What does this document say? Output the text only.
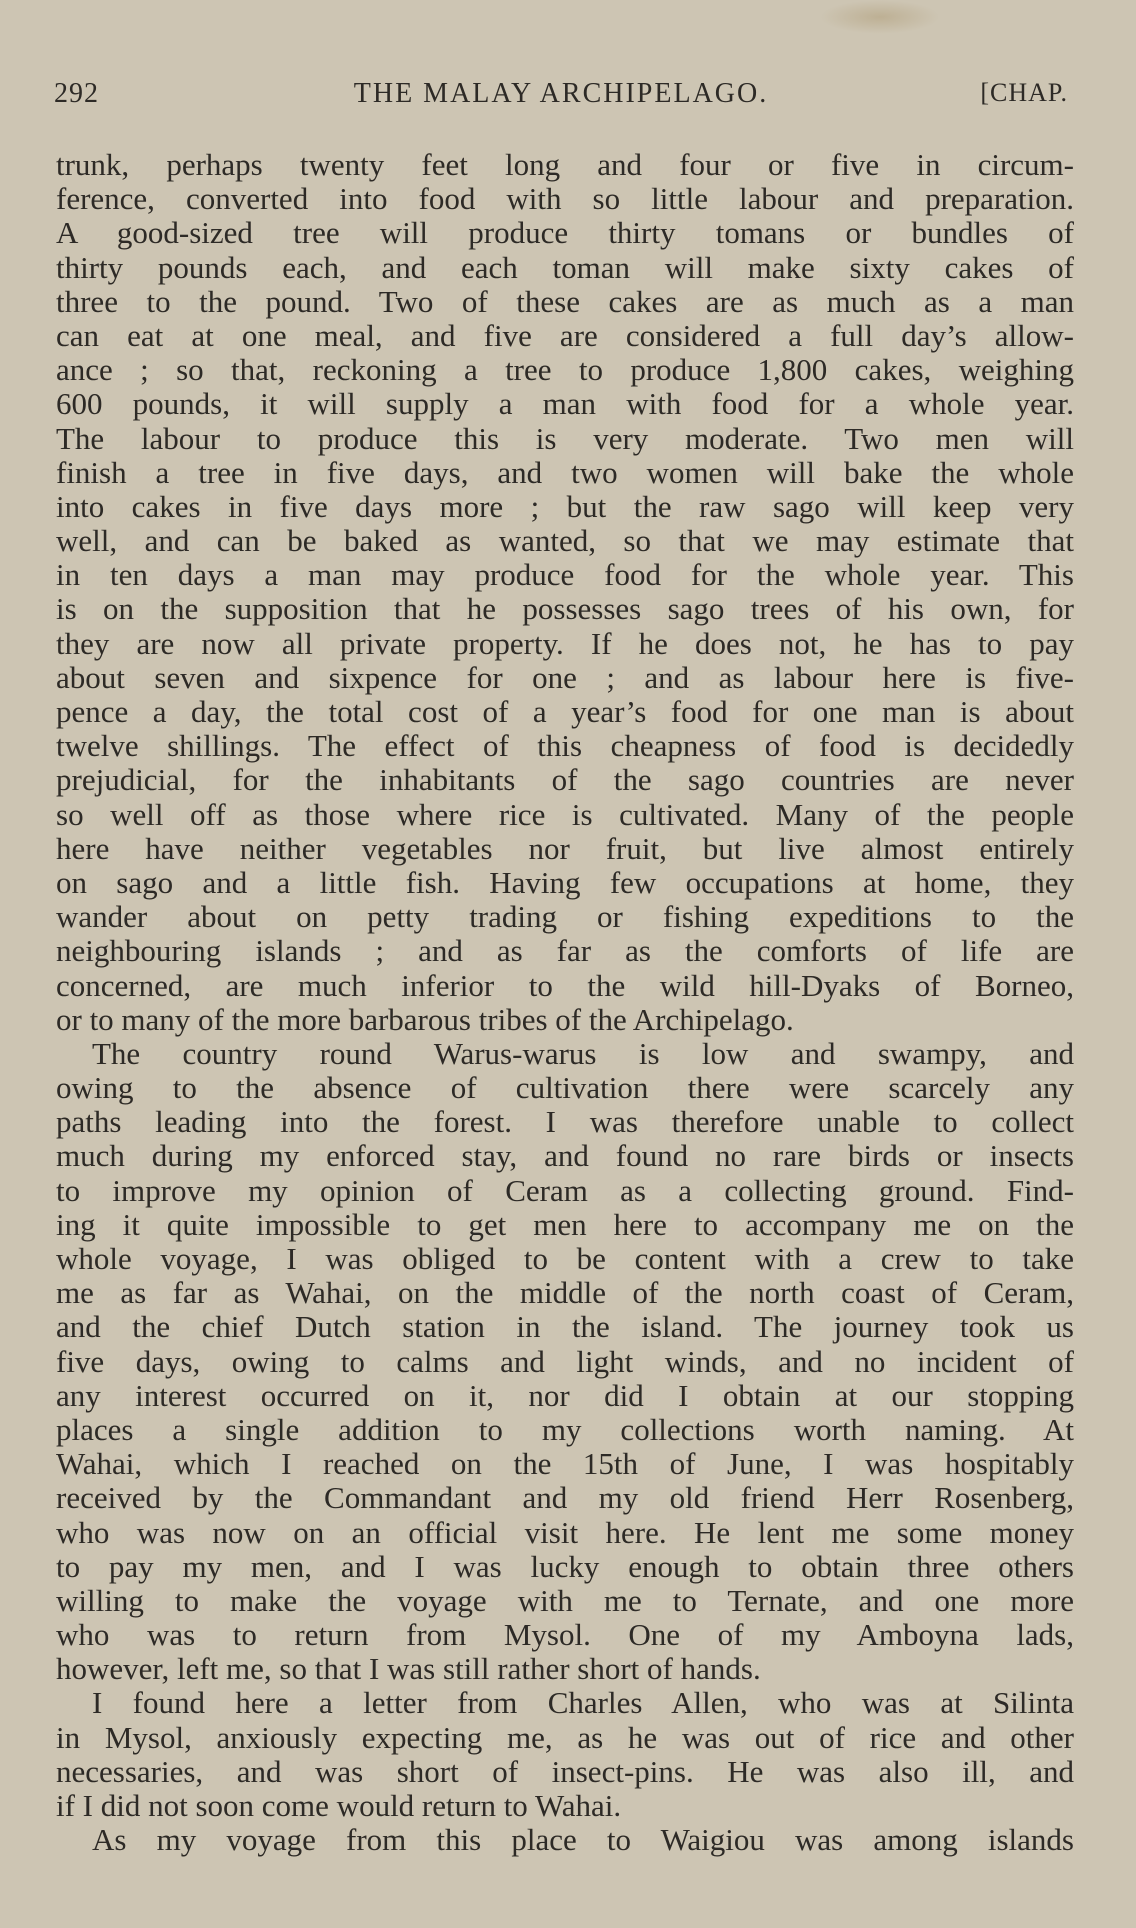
292	THE MALAY ARCHIPELAGO.	[CHAP.
trunk, perhaps twenty feet long and four or five in circum-
ference, converted into food with so little labour and preparation.
A good-sized tree will produce thirty tomans or bundles of
thirty pounds each, and each toman will make sixty cakes of
three to the pound. Two of these cakes are as much as a man
can eat at one meal, and five are considered a full day’s allow-
ance ; so that, reckoning a tree to produce 1,800 cakes, weighing
600 pounds, it will supply a man with food for a whole year.
The labour to produce this is very moderate. Two men will
finish a tree in five days, and two women will bake the whole
into cakes in five days more ; but the raw sago will keep very
well, and can be baked as wanted, so that we may estimate that
in ten days a man may produce food for the whole year. This
is on the supposition that he possesses sago trees of his own, for
they are now all private property. If he does not, he has to pay
about seven and sixpence for one ; and as labour here is five-
pence a day, the total cost of a year’s food for one man is about
twelve shillings. The effect of this cheapness of food is decidedly
prejudicial, for the inhabitants of the sago countries are never
so well off as those where rice is cultivated. Many of the people
here have neither vegetables nor fruit, but live almost entirely
on sago and a little fish. Having few occupations at home, they
wander about on petty trading or fishing expeditions to the
neighbouring islands ; and as far as the comforts of life are
concerned, are much inferior to the wild hill-Dyaks of Borneo,
or to many of the more barbarous tribes of the Archipelago.
The country round Warus-warus is low and swampy, and
owing to the absence of cultivation there were scarcely any
paths leading into the forest. I was therefore unable to collect
much during my enforced stay, and found no rare birds or insects
to improve my opinion of Ceram as a collecting ground. Find-
ing it quite impossible to get men here to accompany me on the
whole voyage, I was obliged to be content with a crew to take
me as far as Wahai, on the middle of the north coast of Ceram,
and the chief Dutch station in the island. The journey took us
five days, owing to calms and light winds, and no incident of
any interest occurred on it, nor did I obtain at our stopping
places a single addition to my collections worth naming. At
Wahai, which I reached on the 15th of June, I was hospitably
received by the Commandant and my old friend Herr Rosenberg,
who was now on an official visit here. He lent me some money
to pay my men, and I was lucky enough to obtain three others
willing to make the voyage with me to Ternate, and one more
who was to return from Mysol. One of my Amboyna lads,
however, left me, so that I was still rather short of hands.
I found here a letter from Charles Allen, who was at Silinta
in Mysol, anxiously expecting me, as he was out of rice and other
necessaries, and was short of insect-pins. He was also ill, and
if I did not soon come would return to Wahai.
As my voyage from this place to Waigiou was among islands
